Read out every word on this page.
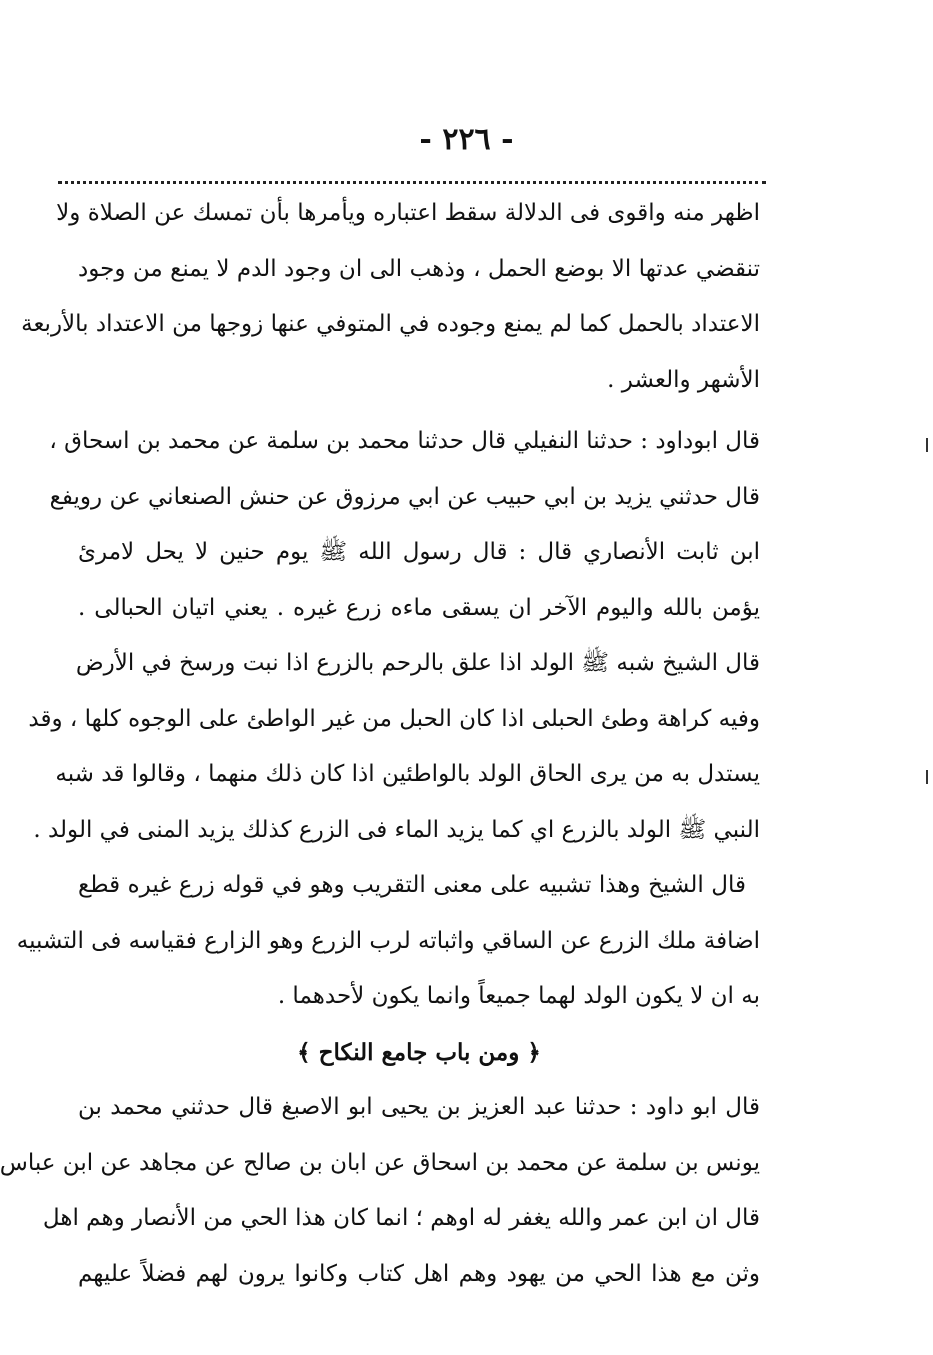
- ٢٢٦ -
اظهر منه واقوى فى الدلالة سقط اعتباره ويأمرها بأن تمسك عن الصلاة ولا
تنقضي عدتها الا بوضع الحمل ، وذهب الى ان وجود الدم لا يمنع من وجود
الاعتداد بالحمل كما لم يمنع وجوده في المتوفي عنها زوجها من الاعتداد بالأربعة
الأشهر والعشر .
قال ابوداود : حدثنا النفيلي قال حدثنا محمد بن سلمة عن محمد بن اسحاق ،
قال حدثني يزيد بن ابي حبيب عن ابي مرزوق عن حنش الصنعاني عن رويفع
ابن ثابت الأنصاري قال : قال رسول الله ﷺ يوم حنين لا يحل لامرئ
يؤمن بالله واليوم الآخر ان يسقى ماءه زرع غيره . يعني اتيان الحبالى .
قال الشيخ شبه ﷺ الولد اذا علق بالرحم بالزرع اذا نبت ورسخ في الأرض
وفيه كراهة وطئ الحبلى اذا كان الحبل من غير الواطئ على الوجوه كلها ، وقد
يستدل به من يرى الحاق الولد بالواطئين اذا كان ذلك منهما ، وقالوا قد شبه
النبي ﷺ الولد بالزرع اي كما يزيد الماء فى الزرع كذلك يزيد المنى في الولد .
قال الشيخ وهذا تشبيه على معنى التقريب وهو في قوله زرع غيره قطع
اضافة ملك الزرع عن الساقي واثباته لرب الزرع وهو الزارع فقياسه فى التشبيه
به ان لا يكون الولد لهما جميعاً وانما يكون لأحدهما .
﴿ ومن باب جامع النكاح ﴾
قال ابو داود : حدثنا عبد العزيز بن يحيى ابو الاصبغ قال حدثني محمد بن
يونس بن سلمة عن محمد بن اسحاق عن ابان بن صالح عن مجاهد عن ابن عباس
قال ان ابن عمر والله يغفر له اوهم ؛ انما كان هذا الحي من الأنصار وهم اهل
وثن مع هذا الحي من يهود وهم اهل كتاب وكانوا يرون لهم فضلاً عليهم
